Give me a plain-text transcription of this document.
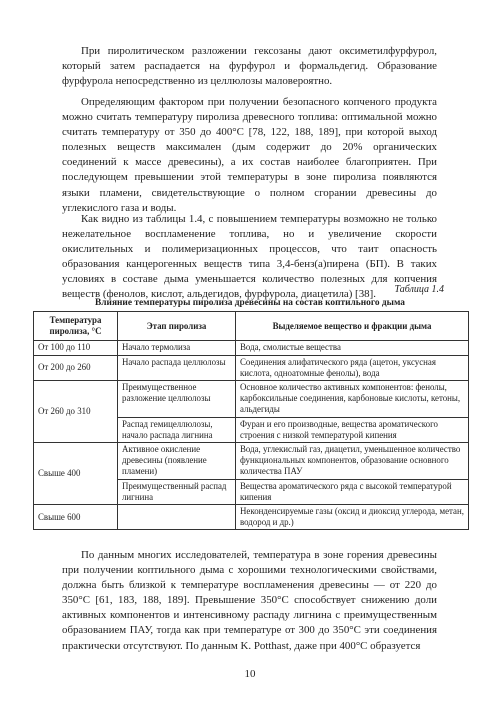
При пиролитическом разложении гексозаны дают оксиметилфурфурол, который затем распадается на фурфурол и формальдегид. Образование фурфурола непосредственно из целлюлозы маловероятно.

Определяющим фактором при получении безопасного копченого продукта можно считать температуру пиролиза древесного топлива: оптимальной можно считать температуру от 350 до 400°С [78, 122, 188, 189], при которой выход полезных веществ максимален (дым содержит до 20% органических соединений к массе древесины), а их состав наиболее благоприятен. При последующем превышении этой температуры в зоне пиролиза появляются языки пламени, свидетельствующие о полном сгорании древесины до углекислого газа и воды.

Как видно из таблицы 1.4, с повышением температуры возможно не только нежелательное воспламенение топлива, но и увеличение скорости окислительных и полимеризационных процессов, что таит опасность образования канцерогенных веществ типа 3,4-бенз(а)пирена (БП). В таких условиях в составе дыма уменьшается количество полезных для копчения веществ (фенолов, кислот, альдегидов, фурфурола, диацетила) [38].	Таблица 1.4
Влияние температуры пиролиза древесины на состав коптильного дыма
Температура пиролиза, °С	Этап пиролиза	Выделяемое вещество и фракции дыма
От 100 до 110	Начало термолиза	Вода, смолистые вещества
От 200 до 260	Начало распада целлюлозы	Соединения алифатического ряда (ацетон, уксусная кислота, одноатомные фенолы), вода
От 260 до 310	Преимущественное разложение целлюлозы	Основное количество активных компонентов: фенолы, карбоксильные соединения, карбоновые кислоты, кетоны, альдегиды
	Распад гемицеллюлозы, начало распада лигнина	Фуран и его производные, вещества ароматического строения с низкой температурой кипения
Свыше 400	Активное окисление древесины (появление пламени)	Вода, углекислый газ, диацетил, уменьшенное количество функциональных компонентов, образование основного количества ПАУ
	Преимущественный распад лигнина	Вещества ароматического ряда с высокой температурой кипения
Свыше 600		Неконденсируемые газы (оксид и диоксид углерода, метан, водород и др.)

По данным многих исследователей, температура в зоне горения древесины при получении коптильного дыма с хорошими технологическими свойствами, должна быть близкой к температуре воспламенения древесины — от 220 до 350°С [61, 183, 188, 189]. Превышение 350°С способствует снижению доли активных компонентов и интенсивному распаду лигнина с преимущественным образованием ПАУ, тогда как при температуре от 300 до 350°С эти соединения практически отсутствуют. По данным K. Potthast, даже при 400°С образуется

10
